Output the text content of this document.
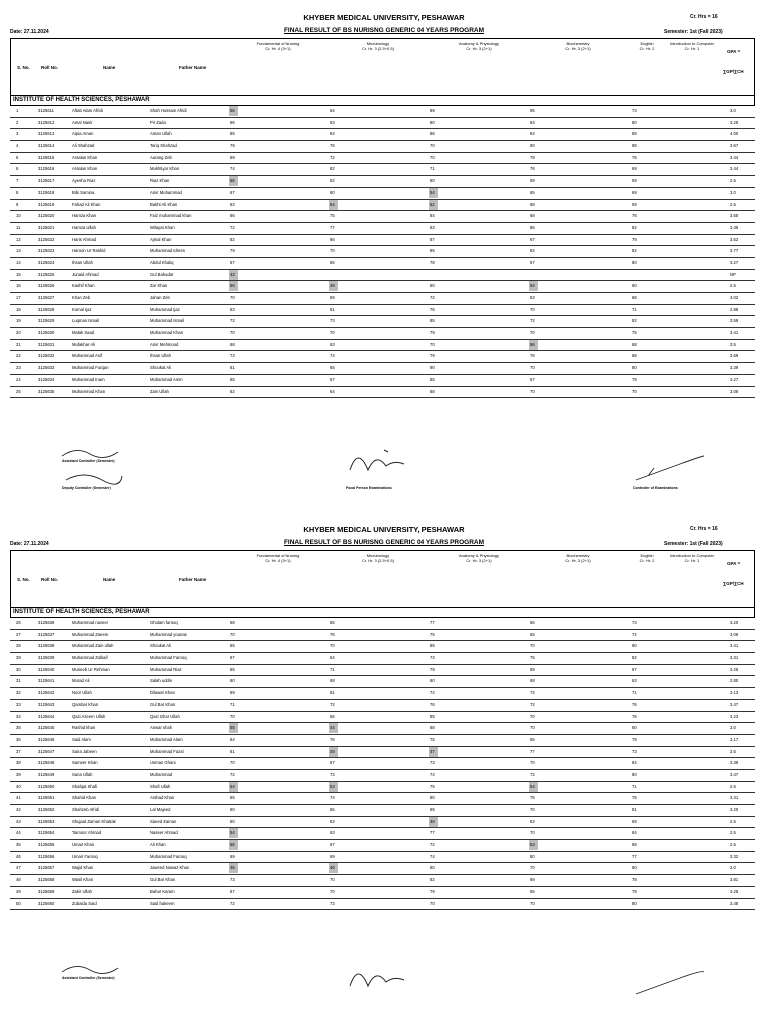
KHYBER MEDICAL UNIVERSITY, PESHAWAR
FINAL RESULT OF BS NURISNG GENERIC 04 YEARS PROGRAM
Date: 27.11.2024
Cr. Hrs = 16
Semester: 1st (Fall 2023)
S. No. Roll No.	Name	Father Name
Fundamental of Nursing
Cr. Hr. 4 (3+1)
Microbiology
Cr. Hr. 3 (2.5+0.5)
Anatomy & Physiology
Cr. Hr. 3 (2+1)
Biochemistry
Cr. Hr. 3 (2+1)
English
Cr. Hr. 2
Introduction to Computer
Cr. Hr. 1
GPA =
∑GP/∑CH
INSTITUTE OF HEALTH SCIENCES, PESHAWAR
1	3125611	Aftab Alam Afridi	Shah Hussain Afridi	56	64	89	95	73	3.0
2	3125612	Amal Nasir	Pir Zada	66	63	80	84	80	3.25
3	3125613	Aqsa Aman	Aman Ullah	85	84	86	84	88	4.00
4	3125614	Ali Shahzad	Tariq Shahzad	79	76	70	90	88	3.67
5	3125615	Arsalan Khan	Aurang Zeb	69	72	70	78	76	3.44
6	3125616	Arsalan Khan	Mukhtiyar Khan	74	82	71	76	69	3.44
7	3125617	Ayesha Riaz	Riaz Khan	55	62	60	69	69	2.5
8	3125618	Bibi Samina	Amir Muhammad	67	60	54	65	69	3.0
9	3125619	Fahad Ali Khan	Bakht Ali Khan	63	54	52	68	69	2.5
10	3125620	Hamza Khan	Faiz muhammad khan	66	75	84	68	76	3.55
11	3125621	Hamza Ullah	Wilayat Khan	72	77	63	86	82	3.36
12	3125622	Haris Ahmad	Ajmal Khan	82	66	87	67	79	3.52
13	3125623	Haroon Ur Rashid	Muhammad Idrees	79	70	85	82	82	3.77
14	3125624	Ihsan Ullah	Abdul Khaliq	67	65	78	67	80	3.27
15	3125625	Junaid Ahmad	Gul Bahadar	43	NP
16	3125626	Kashif Khan	Zar Khan	56	48	60	54	60	2.5
17	3125627	Khan Zeb	Jahan Zeb	70	69	72	63	68	3.02
18	3125628	Komal Ijaz	Muhammad Ijaz	63	61	76	70	71	2.98
19	3125629	Luqman Ismail	Muhammad Ismail	72	73	85	72	82	3.59
20	3125630	Malak Saad	Muhammad Khan	70	70	79	70	75	3.41
21	3125631	Mufakhar Ali	Amir Mehmood	68	63	70	56	68	3.5
22	3125632	Muhammad Asif	Ihsan Ullah	73	74	79	76	68	3.59
23	3125633	Muhammad Furqan	Shoukat Ali	61	65	90	70	80	3.39
24	3125634	Muhammad Inam	Muhammad Amin	65	67	85	67	78	3.27
25	3125635	Muhammad Khan	Zain Ullah	62	64	68	70	70	3.06
Assistant Controller (Semester)
Deputy Controller (Semester)	Focal Person Examinations	Controller of Examinations
KHYBER MEDICAL UNIVERSITY, PESHAWAR
FINAL RESULT OF BS NURISNG GENERIC 04 YEARS PROGRAM
Date: 27.11.2024
Cr. Hrs = 16
Semester: 1st (Fall 2023)
S. No. Roll No.	Name	Father Name
Fundamental of Nursing
Cr. Hr. 4 (3+1)
Microbiology
Cr. Hr. 3 (2.5+0.5)
Anatomy & Physiology
Cr. Hr. 3 (2+1)
Biochemistry
Cr. Hr. 3 (2+1)
English
Cr. Hr. 2
Introduction to Computer
Cr. Hr. 1
GPA =
∑GP/∑CH
INSTITUTE OF HEALTH SCIENCES, PESHAWAR
26	3125636	Muhammad naveer	Ghulam farooq	68	65	77	66	73	3.20
27	3125637	Muhammad Zaeem	Muhammad younas	70	76	75	65	72	3.06
28	3125638	Muhammad Zain ullah	Shoukat Ali	65	70	85	70	90	3.41
29	3125639	Muhammad Zulkaif	Muhammad Farooq	67	64	73	75	82	3.31
30	3125640	Muneeb Ur Rehman	Muhammad Riaz	65	71	79	69	67	3.25
31	3125641	Murad Ali	Salah uddin	60	68	60	68	63	2.80
32	3125642	Noor Ullah	Dilawar Khan	69	61	74	72	71	3.13
33	3125643	Qambar Khan	Gul Bar Khan	71	72	76	72	76	3.47
34	3125644	Qazi Azeem Ullah	Qazi Izhar Ullah	70	66	85	70	76	3.23
35	3125645	Rashid khan	Anwar shah	55	44	68	70	60	2.0
36	3125646	Said Alam	Muhammad Alam	64	76	75	65	78	3.17
37	3125647	Saira Jabeen	Muhammad Fazal	61	49	47	77	73	2.5
38	3125648	Sameer Khan	Usman Ghani	70	67	73	70	84	3.39
39	3125649	Sana Ullah	Muhammad	72	73	74	72	80	3.47
40	3125650	Shafqat Shafi	Shafi Ullah	54	53	75	54	71	2.5
41	3125651	Shahid Khan	Arshad Khan	65	74	80	75	75	3.31
42	3125652	Shahzeb Afridi	Lal Majeed	60	65	65	70	81	3.20
43	3125653	Shujaat Zaman Khattak	Saeed Zaman	60	62	48	62	69	2.5
44	3125654	Taimoor Ahmad	Naseer Ahmad	54	63	77	70	64	2.5
45	3125655	Umair Khan	Ali Khan	55	67	72	53	68	2.5
46	3125656	Umair Farooq	Muhammad Farooq	69	69	74	80	77	3.32
47	3125657	Wajid Khan	Jaweed Nawaz Khan	46	46	60	70	60	2.0
48	3125658	Wasil Khan	Gul Bar Khan	73	70	82	69	78	3.81
49	3125659	Zakir Ullah	Bahar Karam	67	70	79	65	78	3.25
50	3125660	Zubaida Said	Said hakeem	72	73	70	70	80	3.48
Assistant Controller (Semester)
